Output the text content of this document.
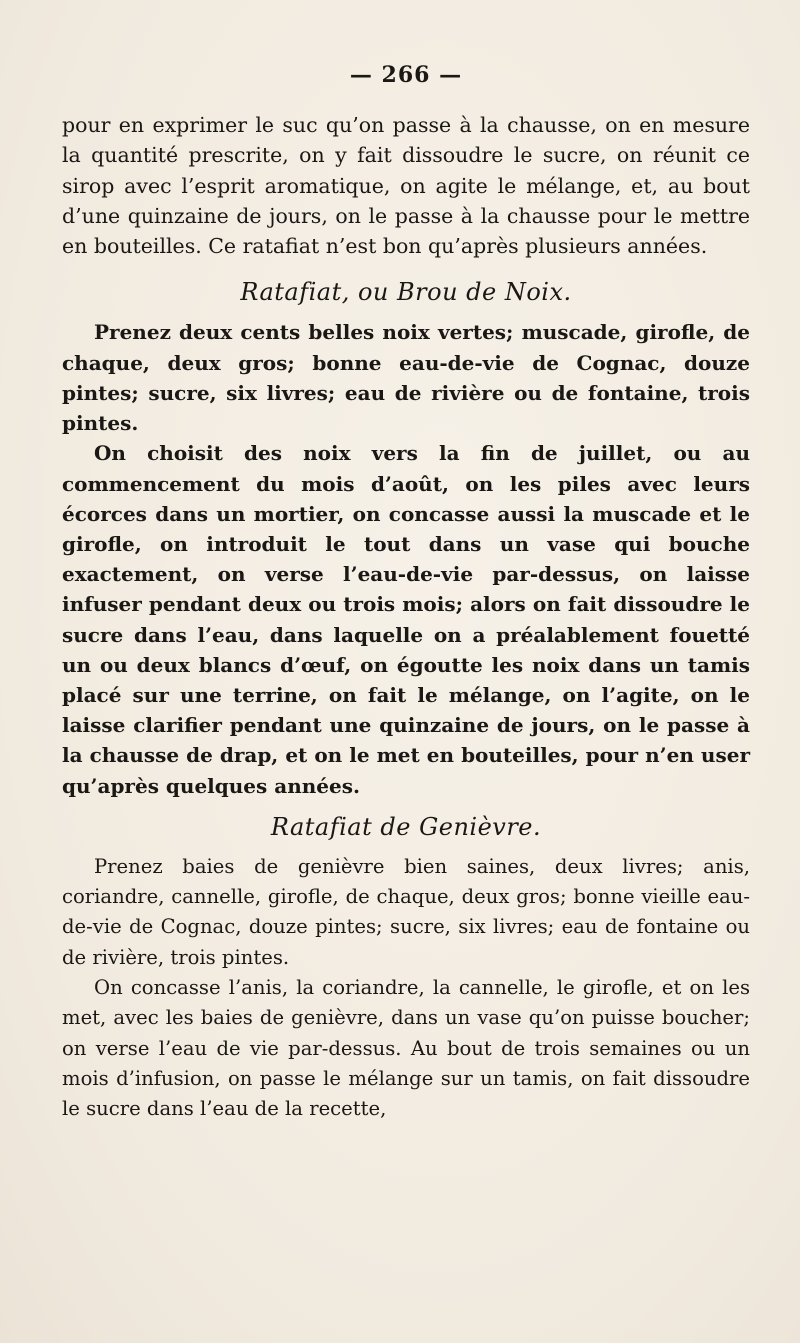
— 266 —

pour en exprimer le suc qu’on passe à la chausse, on en mesure la quantité prescrite, on y fait dissoudre le sucre, on réunit ce sirop avec l’esprit aromatique, on agite le mélange, et, au bout d’une quinzaine de jours, on le passe à la chausse pour le mettre en bouteilles. Ce ratafiat n’est bon qu’après plusieurs années.

Ratafiat, ou Brou de Noix.

Prenez deux cents belles noix vertes; muscade, girofle, de chaque, deux gros; bonne eau-de-vie de Cognac, douze pintes; sucre, six livres; eau de rivière ou de fontaine, trois pintes.

On choisit des noix vers la fin de juillet, ou au commencement du mois d’août, on les piles avec leurs écorces dans un mortier, on concasse aussi la muscade et le girofle, on introduit le tout dans un vase qui bouche exactement, on verse l’eau-de-vie par-dessus, on laisse infuser pendant deux ou trois mois; alors on fait dissoudre le sucre dans l’eau, dans laquelle on a préalablement fouetté un ou deux blancs d’œuf, on égoutte les noix dans un tamis placé sur une terrine, on fait le mélange, on l’agite, on le laisse clarifier pendant une quinzaine de jours, on le passe à la chausse de drap, et on le met en bouteilles, pour n’en user qu’après quelques années.

Ratafiat de Genièvre.

Prenez baies de genièvre bien saines, deux livres; anis, coriandre, cannelle, girofle, de chaque, deux gros; bonne vieille eau-de-vie de Cognac, douze pintes; sucre, six livres; eau de fontaine ou de rivière, trois pintes.

On concasse l’anis, la coriandre, la cannelle, le girofle, et on les met, avec les baies de genièvre, dans un vase qu’on puisse boucher; on verse l’eau de vie par-dessus. Au bout de trois semaines ou un mois d’infusion, on passe le mélange sur un tamis, on fait dissoudre le sucre dans l’eau de la recette,
